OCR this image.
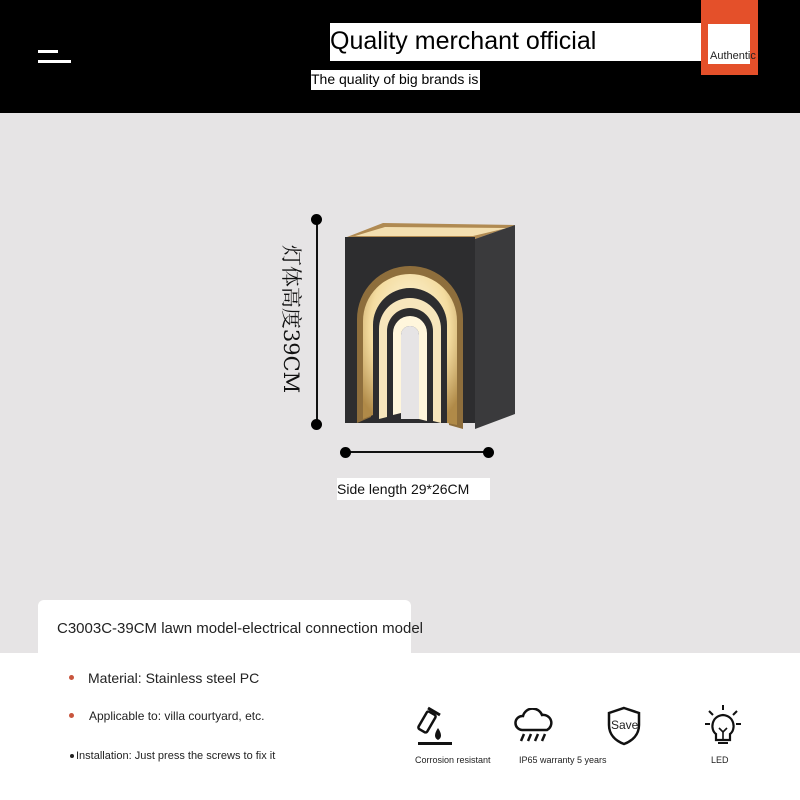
Quality merchant official
Authentic
The quality of big brands is
灯体高度39CM
Side length 29*26CM
C3003C-39CM lawn model-electrical connection model
Material: Stainless steel PC
Applicable to: villa courtyard, etc.
Installation: Just press the screws to fix it	Corrosion resistant	IP65 warranty 5 years
Save
LED
